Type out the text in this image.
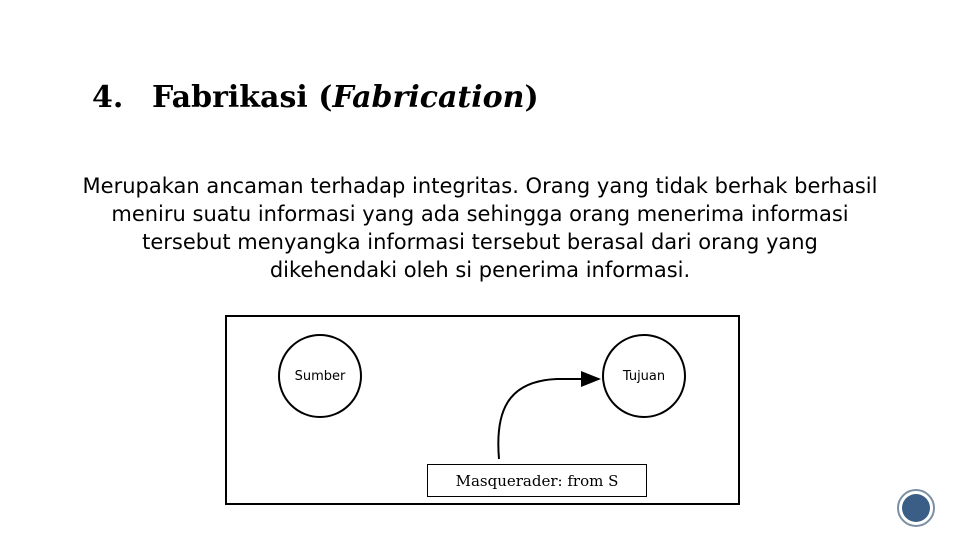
4. Fabrikasi (Fabrication)

Merupakan ancaman terhadap integritas. Orang yang tidak berhak berhasil meniru suatu informasi yang ada sehingga orang menerima informasi tersebut menyangka informasi tersebut berasal dari orang yang dikehendaki oleh si penerima informasi.

Sumber	Tujuan
Masquerader: from S
